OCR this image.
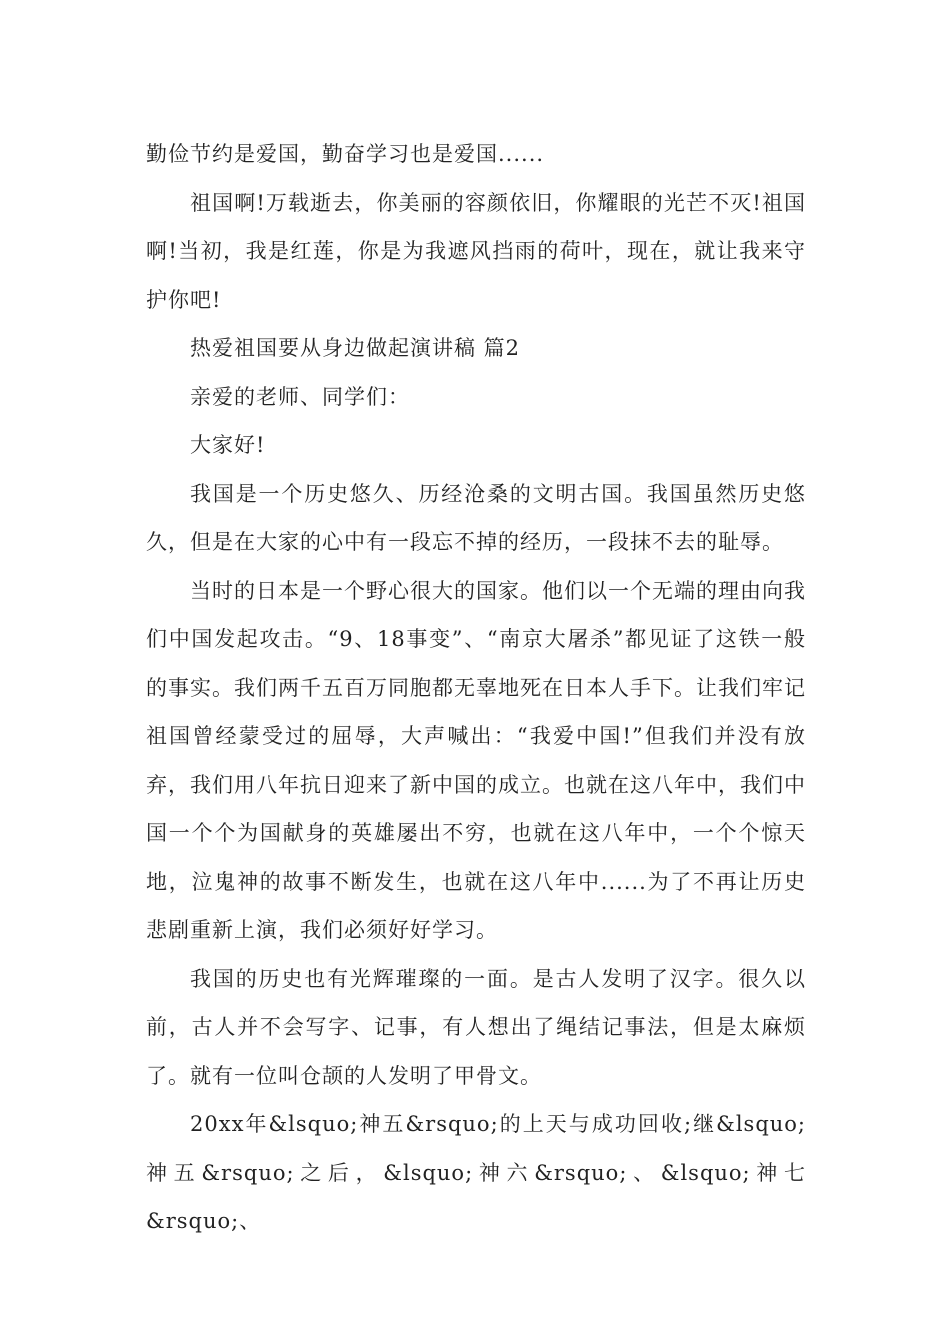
勤俭节约是爱国，勤奋学习也是爱国......

祖国啊!万载逝去，你美丽的容颜依旧，你耀眼的光芒不灭!祖国啊!当初，我是红莲，你是为我遮风挡雨的荷叶，现在，就让我来守护你吧!

热爱祖国要从身边做起演讲稿 篇2

亲爱的老师、同学们：

大家好!

我国是一个历史悠久、历经沧桑的文明古国。我国虽然历史悠久，但是在大家的心中有一段忘不掉的经历，一段抹不去的耻辱。

当时的日本是一个野心很大的国家。他们以一个无端的理由向我们中国发起攻击。“9、18事变”、“南京大屠杀”都见证了这铁一般的事实。我们两千五百万同胞都无辜地死在日本人手下。让我们牢记祖国曾经蒙受过的屈辱，大声喊出：“我爱中国!”但我们并没有放弃，我们用八年抗日迎来了新中国的成立。也就在这八年中，我们中国一个个为国献身的英雄屡出不穷，也就在这八年中，一个个惊天地，泣鬼神的故事不断发生，也就在这八年中......为了不再让历史悲剧重新上演，我们必须好好学习。

我国的历史也有光辉璀璨的一面。是古人发明了汉字。很久以前，古人并不会写字、记事，有人想出了绳结记事法，但是太麻烦了。就有一位叫仓颉的人发明了甲骨文。

20xx年&lsquo;神五&rsquo;的上天与成功回收;继&lsquo;神五&rsquo;之后，&lsquo;神六&rsquo;、&lsquo;神七&rsquo;、
